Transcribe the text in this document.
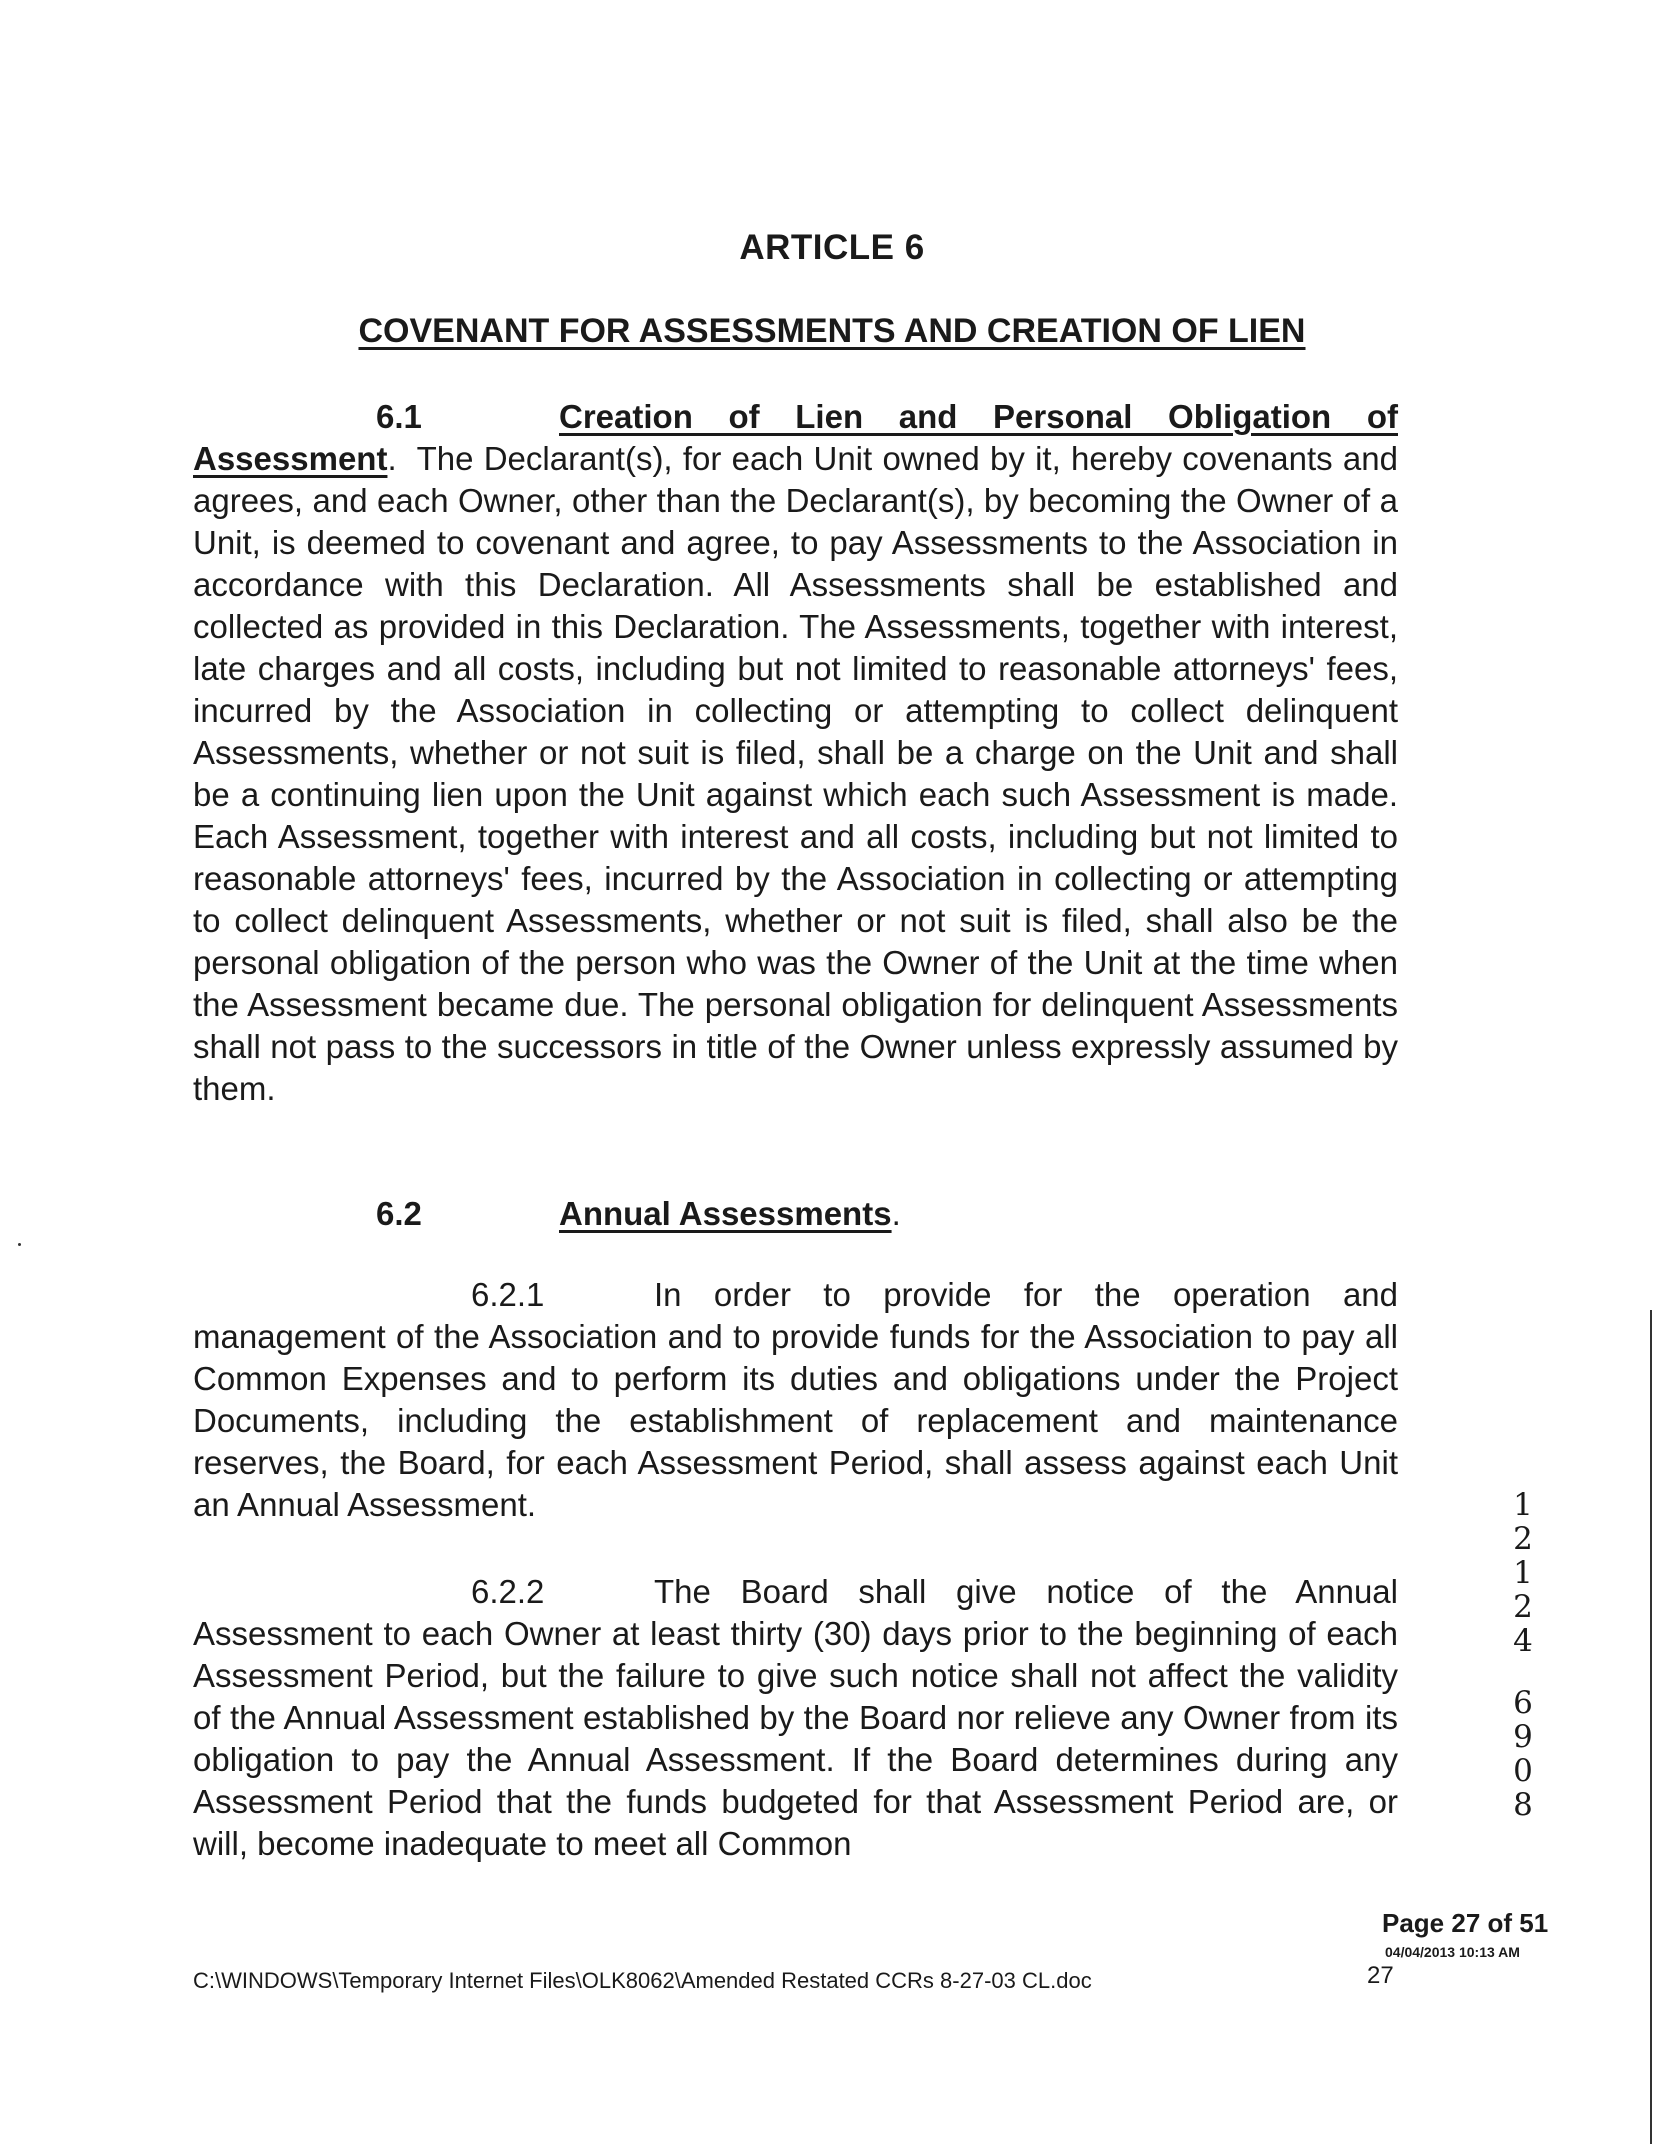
ARTICLE 6
COVENANT FOR ASSESSMENTS AND CREATION OF LIEN
6.1	Creation of Lien and Personal Obligation of Assessment.  The Declarant(s), for each Unit owned by it, hereby covenants and agrees, and each Owner, other than the Declarant(s), by becoming the Owner of a Unit, is deemed to covenant and agree, to pay Assessments to the Association in accordance with this Declaration. All Assessments shall be established and collected as provided in this Declaration. The Assessments, together with interest, late charges and all costs, including but not limited to reasonable attorneys' fees, incurred by the Association in collecting or attempting to collect delinquent Assessments, whether or not suit is filed, shall be a charge on the Unit and shall be a continuing lien upon the Unit against which each such Assessment is made. Each Assessment, together with interest and all costs, including but not limited to reasonable attorneys' fees, incurred by the Association in collecting or attempting to collect delinquent Assessments, whether or not suit is filed, shall also be the personal obligation of the person who was the Owner of the Unit at the time when the Assessment became due. The personal obligation for delinquent Assessments shall not pass to the successors in title of the Owner unless expressly assumed by them.
6.2	Annual Assessments.
6.2.1	In order to provide for the operation and management of the Association and to provide funds for the Association to pay all Common Expenses and to perform its duties and obligations under the Project Documents, including the establishment of replacement and maintenance reserves, the Board, for each Assessment Period, shall assess against each Unit an Annual Assessment.
6.2.2	The Board shall give notice of the Annual Assessment to each Owner at least thirty (30) days prior to the beginning of each Assessment Period, but the failure to give such notice shall not affect the validity of the Annual Assessment established by the Board nor relieve any Owner from its obligation to pay the Annual Assessment. If the Board determines during any Assessment Period that the funds budgeted for that Assessment Period are, or will, become inadequate to meet all Common
1
2
1
2
4
6
9
0
8
Page 27 of 51
04/04/2013 10:13 AM
27
C:\WINDOWS\Temporary Internet Files\OLK8062\Amended Restated CCRs 8-27-03 CL.doc
